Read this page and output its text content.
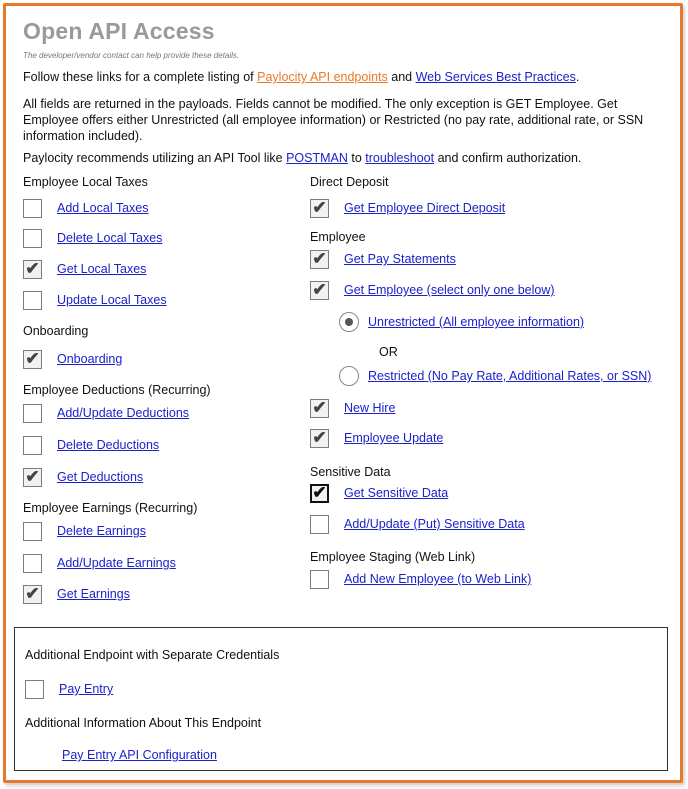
Open API Access
The developer/vendor contact can help provide these details.
Follow these links for a complete listing of Paylocity API endpoints and Web Services Best Practices.
All fields are returned in the payloads. Fields cannot be modified. The only exception is GET Employee. Get Employee offers either Unrestricted (all employee information) or Restricted (no pay rate, additional rate, or SSN information included).
Paylocity recommends utilizing an API Tool like POSTMAN to troubleshoot and confirm authorization.
Employee Local Taxes
Add Local Taxes
Delete Local Taxes
✔ Get Local Taxes
Update Local Taxes
Onboarding
✔ Onboarding
Employee Deductions (Recurring)
Add/Update Deductions
Delete Deductions
✔ Get Deductions
Employee Earnings (Recurring)
Delete Earnings
Add/Update Earnings
✔ Get Earnings
Direct Deposit
✔ Get Employee Direct Deposit
Employee
✔ Get Pay Statements
✔ Get Employee (select only one below)
Unrestricted (All employee information)
OR
Restricted (No Pay Rate, Additional Rates, or SSN)
✔ New Hire
✔ Employee Update
Sensitive Data
✔ Get Sensitive Data
Add/Update (Put) Sensitive Data
Employee Staging (Web Link)
Add New Employee (to Web Link)
Additional Endpoint with Separate Credentials
Pay Entry
Additional Information About This Endpoint
Pay Entry API Configuration
